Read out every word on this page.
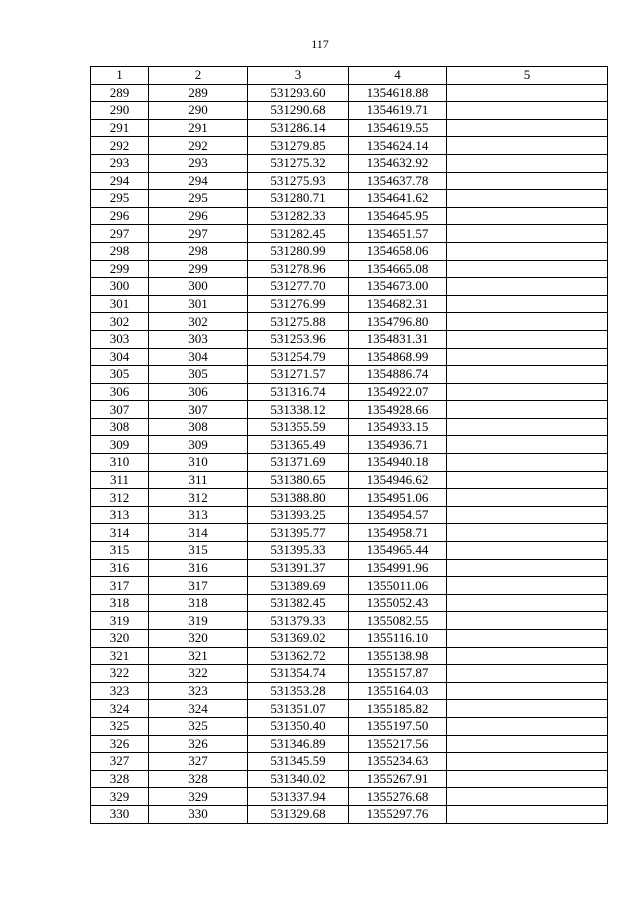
117
1	2	3	4	5
289	289	531293.60	1354618.88	
290	290	531290.68	1354619.71	
291	291	531286.14	1354619.55	
292	292	531279.85	1354624.14	
293	293	531275.32	1354632.92	
294	294	531275.93	1354637.78	
295	295	531280.71	1354641.62	
296	296	531282.33	1354645.95	
297	297	531282.45	1354651.57	
298	298	531280.99	1354658.06	
299	299	531278.96	1354665.08	
300	300	531277.70	1354673.00	
301	301	531276.99	1354682.31	
302	302	531275.88	1354796.80	
303	303	531253.96	1354831.31	
304	304	531254.79	1354868.99	
305	305	531271.57	1354886.74	
306	306	531316.74	1354922.07	
307	307	531338.12	1354928.66	
308	308	531355.59	1354933.15	
309	309	531365.49	1354936.71	
310	310	531371.69	1354940.18	
311	311	531380.65	1354946.62	
312	312	531388.80	1354951.06	
313	313	531393.25	1354954.57	
314	314	531395.77	1354958.71	
315	315	531395.33	1354965.44	
316	316	531391.37	1354991.96	
317	317	531389.69	1355011.06	
318	318	531382.45	1355052.43	
319	319	531379.33	1355082.55	
320	320	531369.02	1355116.10	
321	321	531362.72	1355138.98	
322	322	531354.74	1355157.87	
323	323	531353.28	1355164.03	
324	324	531351.07	1355185.82	
325	325	531350.40	1355197.50	
326	326	531346.89	1355217.56	
327	327	531345.59	1355234.63	
328	328	531340.02	1355267.91	
329	329	531337.94	1355276.68	
330	330	531329.68	1355297.76	
